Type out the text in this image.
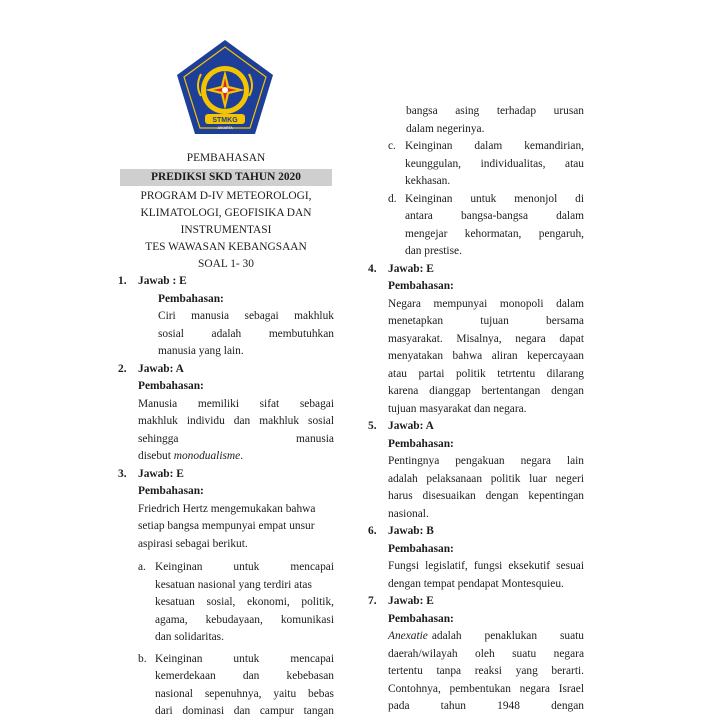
STMKG
JAKARTA
PEMBAHASAN
PREDIKSI SKD TAHUN 2020
PROGRAM D-IV METEOROLOGI,
KLIMATOLOGI, GEOFISIKA DAN
INSTRUMENTASI
TES WAWASAN KEBANGSAAN
SOAL 1- 30
1.	Jawab : E
Pembahasan:
Ciri manusia sebagai makhluk
sosial adalah membutuhkan
manusia yang lain.
2.	Jawab: A
Pembahasan:
Manusia memiliki sifat sebagai
makhluk individu dan makhluk sosial
sehingga manusia
disebut monodualisme.
3.	Jawab: E
Pembahasan:
Friedrich Hertz mengemukakan bahwa
setiap bangsa mempunyai empat unsur
aspirasi sebagai berikut.
a. Keinginan untuk mencapai
kesatuan nasional yang terdiri atas
kesatuan sosial, ekonomi, politik,
agama, kebudayaan, komunikasi
dan solidaritas.
b. Keinginan untuk mencapai
kemerdekaan dan kebebasan
nasional sepenuhnya, yaitu bebas
dari dominasi dan campur tangan
bangsa asing terhadap urusan
dalam negerinya.
c. Keinginan dalam kemandirian,
keunggulan, individualitas, atau
kekhasan.
d. Keinginan untuk menonjol di
antara bangsa-bangsa dalam
mengejar kehormatan, pengaruh,
dan prestise.
4.	Jawab: E
Pembahasan:
Negara mempunyai monopoli dalam
menetapkan tujuan bersama
masyarakat. Misalnya, negara dapat
menyatakan bahwa aliran kepercayaan
atau partai politik tetrtentu dilarang
karena dianggap bertentangan dengan
tujuan masyarakat dan negara.
5.	Jawab: A
Pembahasan:
Pentingnya pengakuan negara lain
adalah pelaksanaan politik luar negeri
harus disesuaikan dengan kepentingan
nasional.
6.	Jawab: B
Pembahasan:
Fungsi legislatif, fungsi eksekutif sesuai
dengan tempat pendapat Montesquieu.
7.	Jawab: E
Pembahasan:
Anexatie adalah penaklukan suatu
daerah/wilayah oleh suatu negara
tertentu tanpa reaksi yang berarti.
Contohnya, pembentukan negara Israel
pada tahun 1948 dengan
